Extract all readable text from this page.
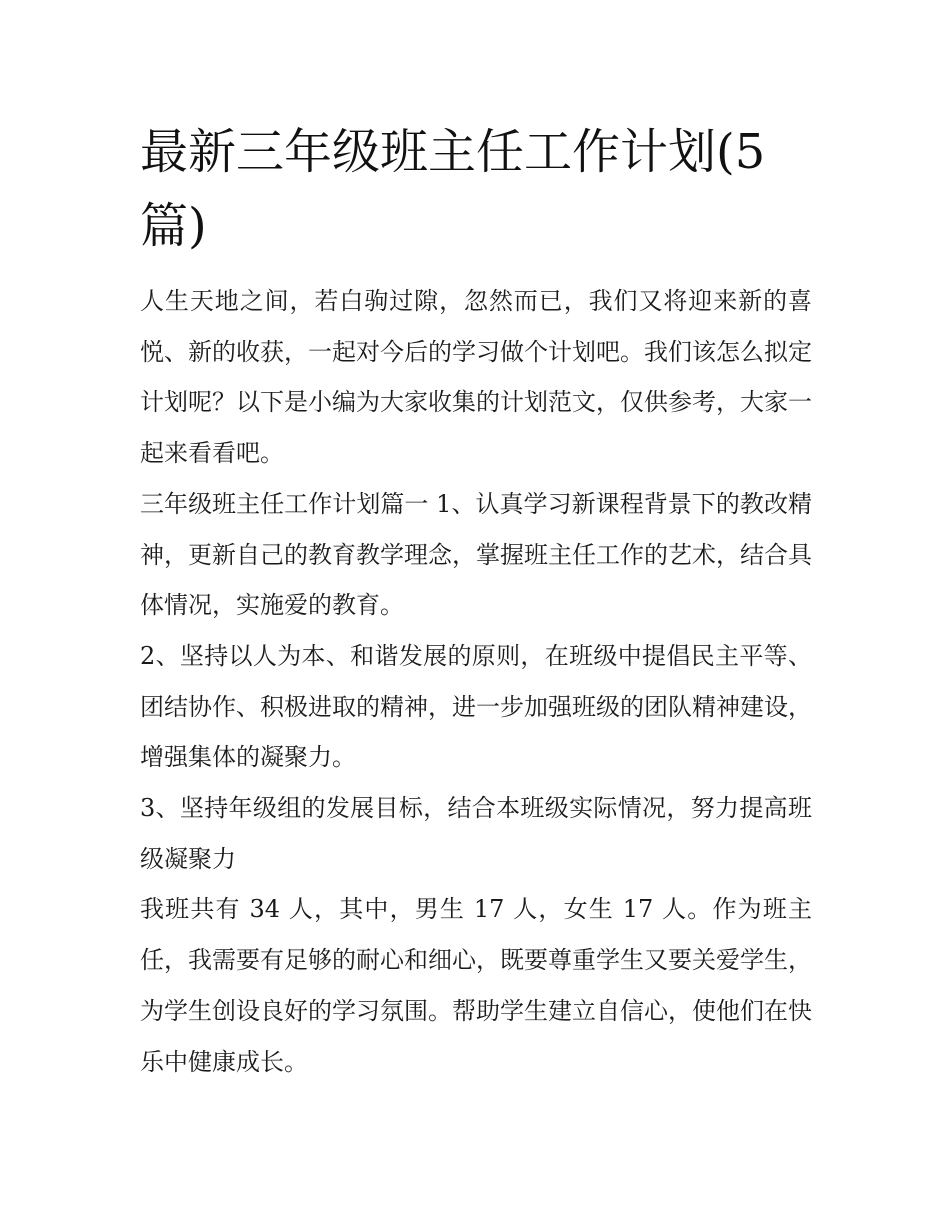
最新三年级班主任工作计划(5篇)

人生天地之间，若白驹过隙，忽然而已，我们又将迎来新的喜悦、新的收获，一起对今后的学习做个计划吧。我们该怎么拟定计划呢？以下是小编为大家收集的计划范文，仅供参考，大家一起来看看吧。

三年级班主任工作计划篇一 1、认真学习新课程背景下的教改精神，更新自己的教育教学理念，掌握班主任工作的艺术，结合具体情况，实施爱的教育。

2、坚持以人为本、和谐发展的原则，在班级中提倡民主平等、团结协作、积极进取的精神，进一步加强班级的团队精神建设，增强集体的凝聚力。

3、坚持年级组的发展目标，结合本班级实际情况，努力提高班级凝聚力

我班共有 34 人，其中，男生 17 人，女生 17 人。作为班主任，我需要有足够的耐心和细心，既要尊重学生又要关爱学生，为学生创设良好的学习氛围。帮助学生建立自信心，使他们在快乐中健康成长。
